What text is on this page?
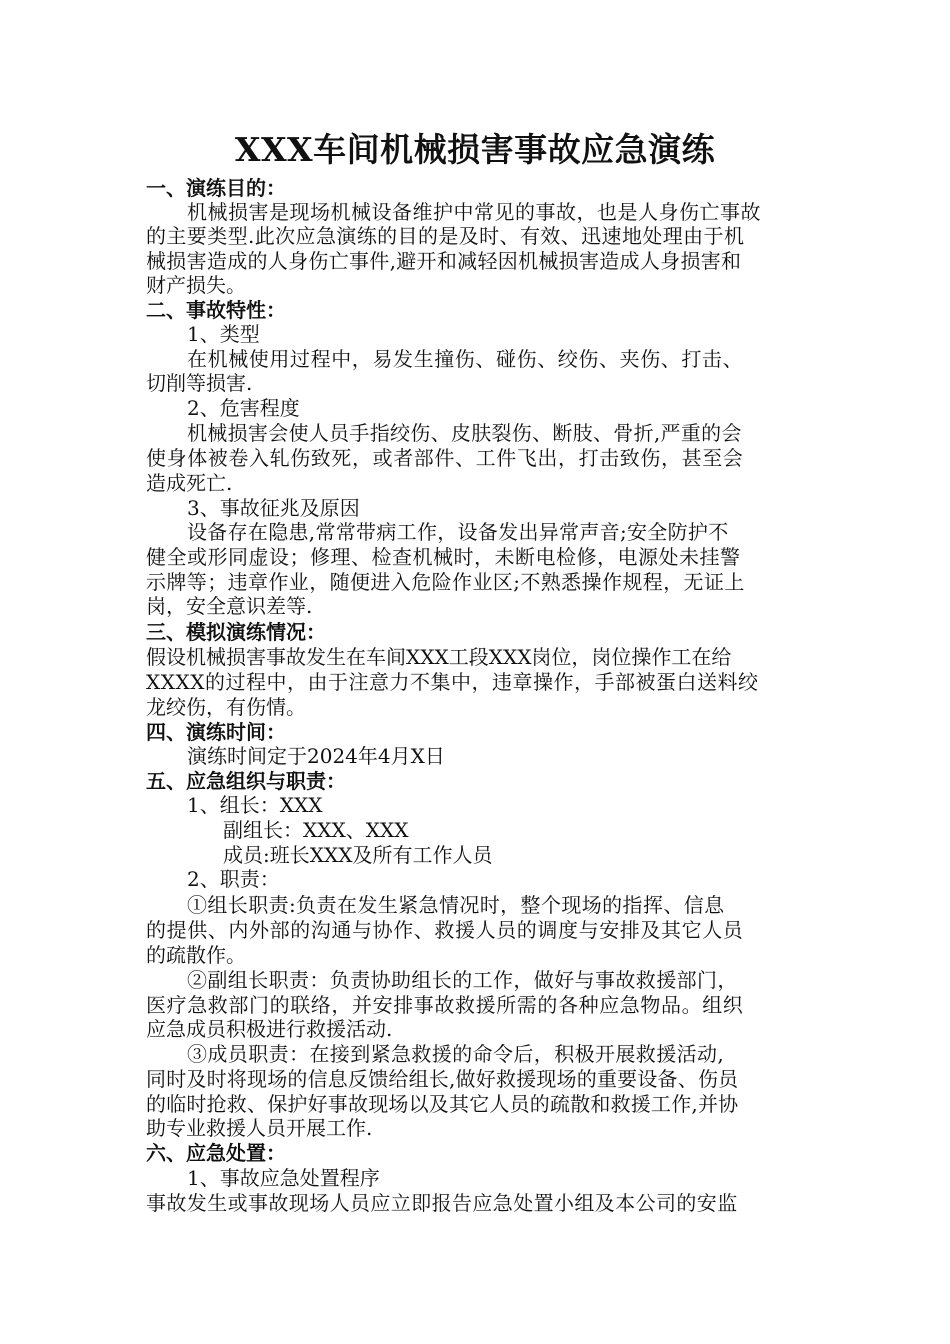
XXX车间机械损害事故应急演练
一、演练目的：
机械损害是现场机械设备维护中常见的事故，也是人身伤亡事故
的主要类型.此次应急演练的目的是及时、有效、迅速地处理由于机
械损害造成的人身伤亡事件,避开和减轻因机械损害造成人身损害和
财产损失。
二、事故特性：
1、类型
在机械使用过程中，易发生撞伤、碰伤、绞伤、夹伤、打击、
切削等损害.
2、危害程度
机械损害会使人员手指绞伤、皮肤裂伤、断肢、骨折,严重的会
使身体被卷入轧伤致死，或者部件、工件飞出，打击致伤，甚至会
造成死亡.
3、事故征兆及原因
设备存在隐患,常常带病工作，设备发出异常声音;安全防护不
健全或形同虚设；修理、检查机械时，未断电检修，电源处未挂警
示牌等；违章作业，随便进入危险作业区;不熟悉操作规程，无证上
岗，安全意识差等.
三、模拟演练情况：
假设机械损害事故发生在车间XXX工段XXX岗位，岗位操作工在给
XXXX的过程中，由于注意力不集中，违章操作，手部被蛋白送料绞
龙绞伤，有伤情。
四、演练时间：
演练时间定于2024年4月X日
五、应急组织与职责：
1、组长：XXX
副组长：XXX、XXX
成员:班长XXX及所有工作人员
2、职责：
①组长职责:负责在发生紧急情况时，整个现场的指挥、信息
的提供、内外部的沟通与协作、救援人员的调度与安排及其它人员
的疏散作。
②副组长职责：负责协助组长的工作，做好与事故救援部门，
医疗急救部门的联络，并安排事故救援所需的各种应急物品。组织
应急成员积极进行救援活动.
③成员职责：在接到紧急救援的命令后，积极开展救援活动,
同时及时将现场的信息反馈给组长,做好救援现场的重要设备、伤员
的临时抢救、保护好事故现场以及其它人员的疏散和救援工作,并协
助专业救援人员开展工作.
六、应急处置：
1、事故应急处置程序
事故发生或事故现场人员应立即报告应急处置小组及本公司的安监
